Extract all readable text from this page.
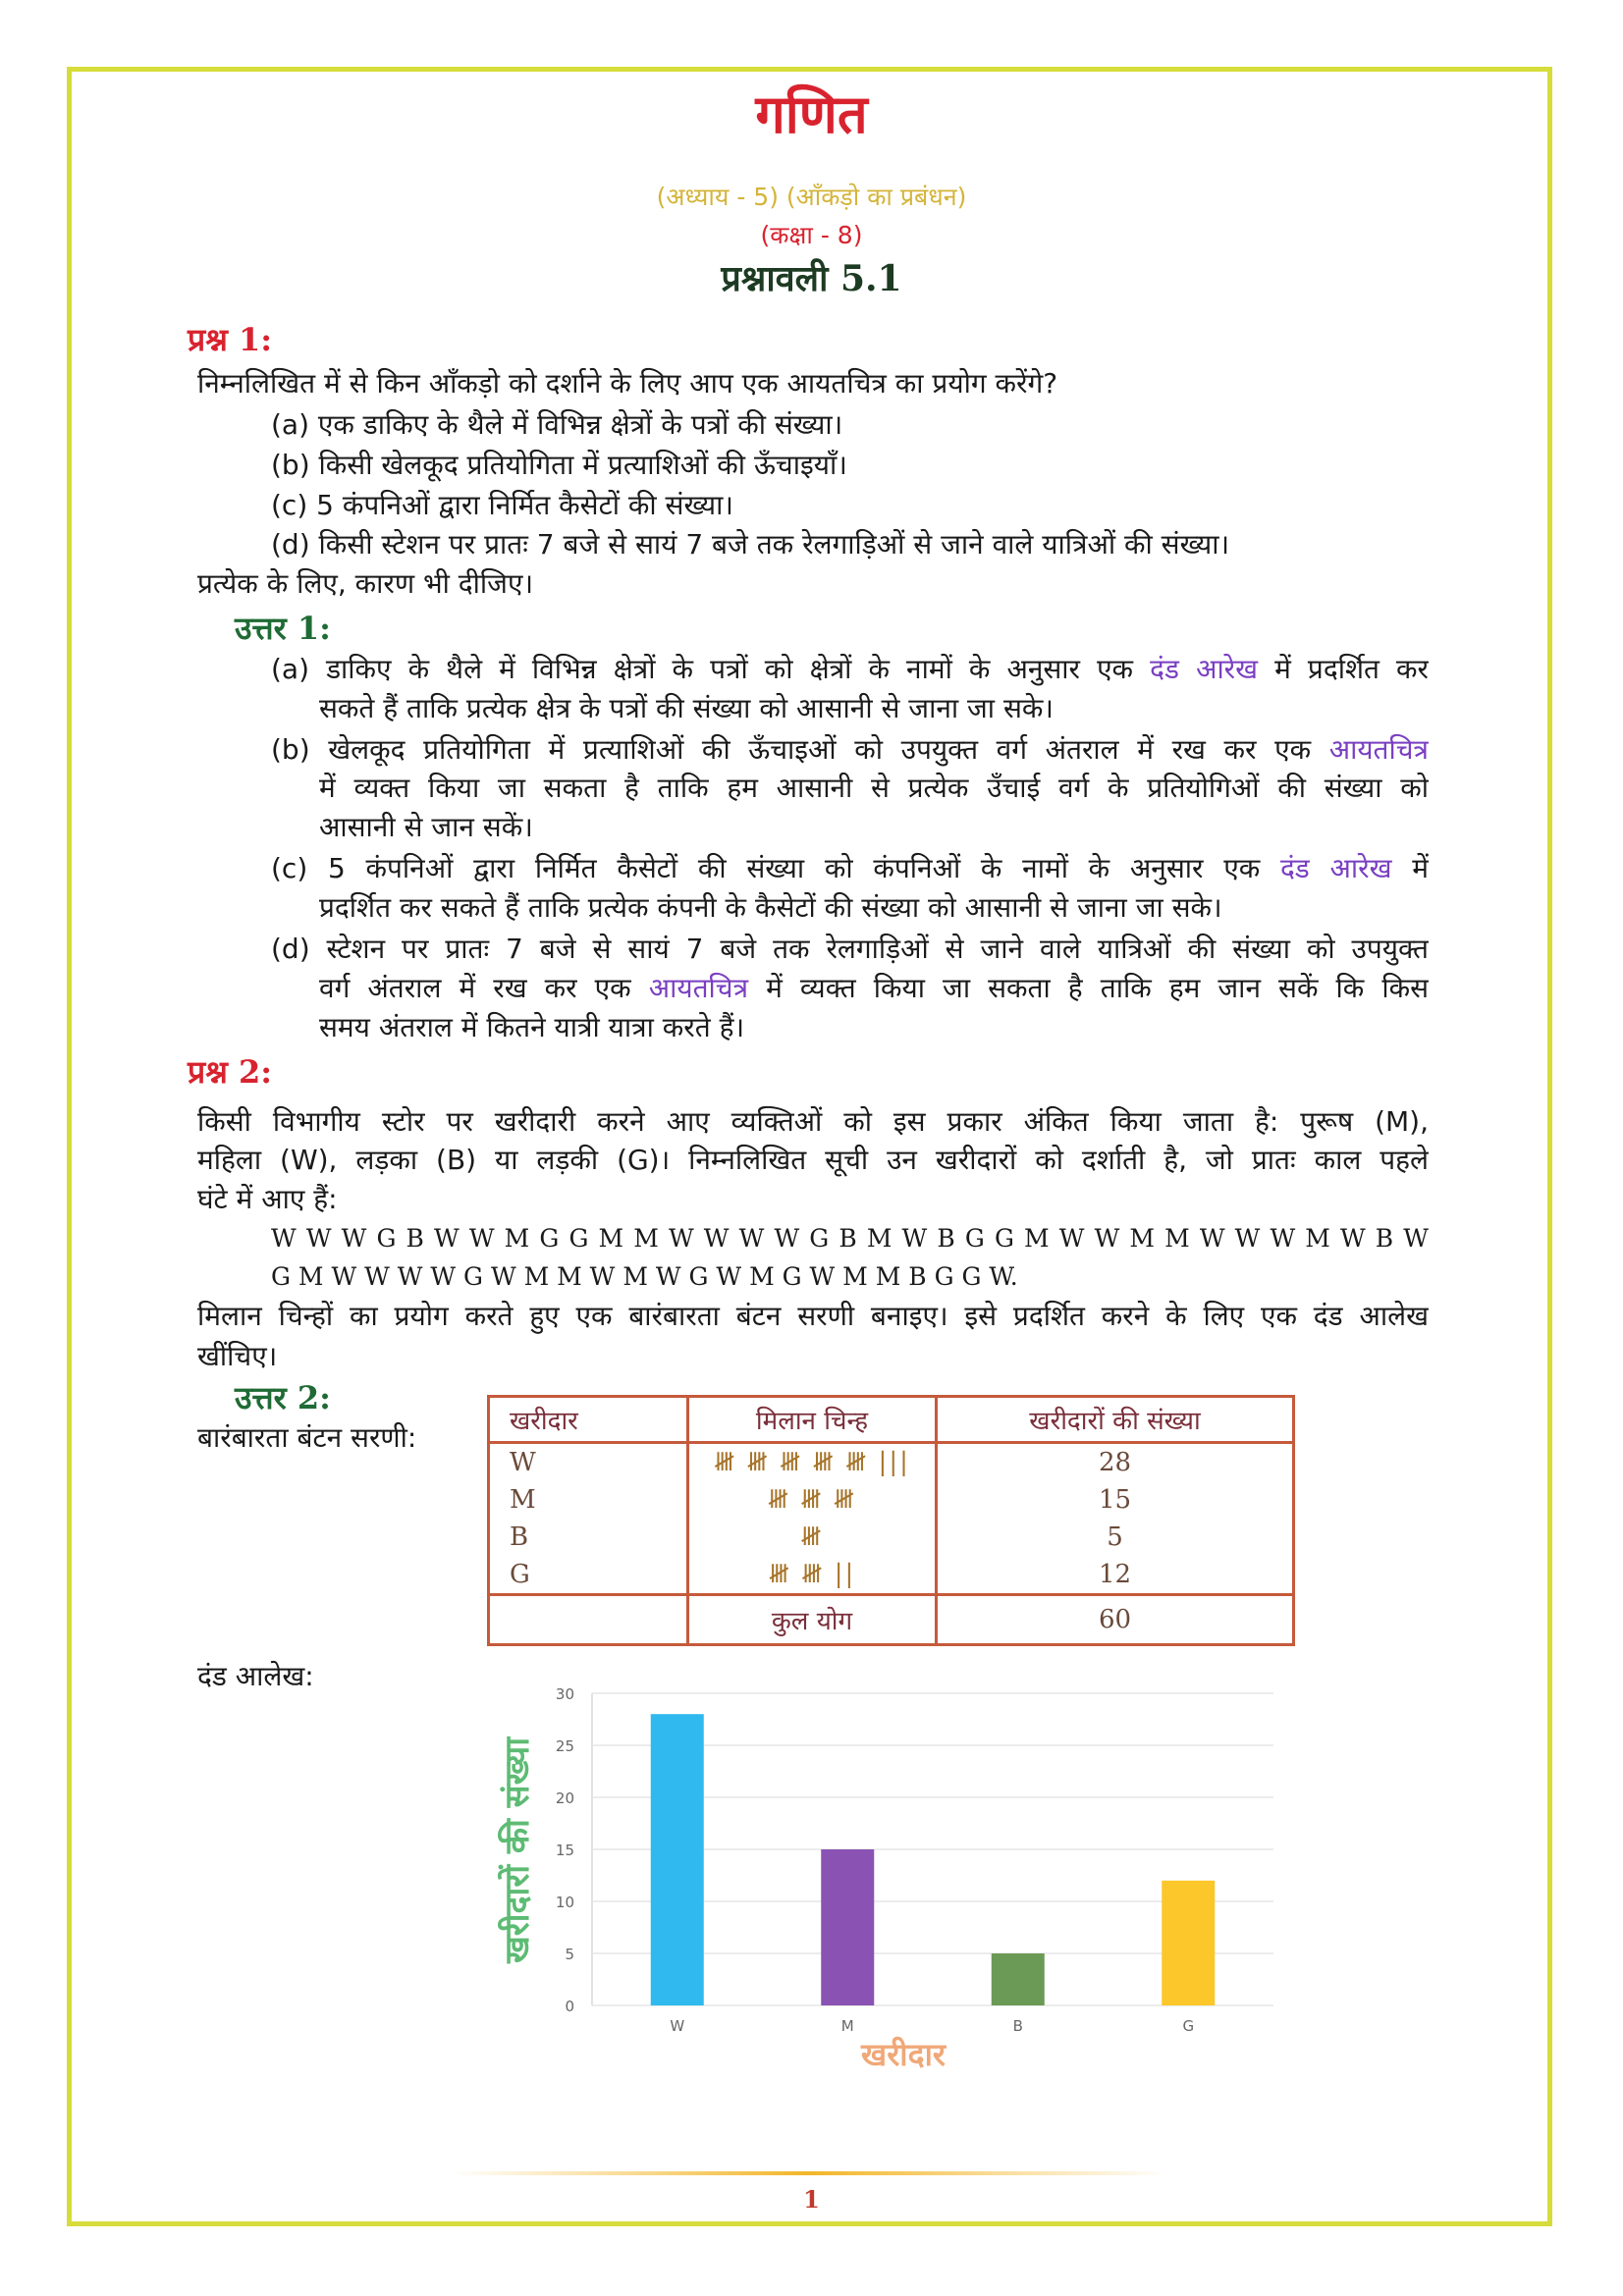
गणित
(अध्याय - 5) (आँकड़ो का प्रबंधन)
(कक्षा - 8)
प्रश्नावली 5.1
प्रश्न 1:
निम्नलिखित में से किन आँकड़ो को दर्शाने के लिए आप एक आयतचित्र का प्रयोग करेंगे?
(a) एक डाकिए के थैले में विभिन्न क्षेत्रों के पत्रों की संख्या।
(b) किसी खेलकूद प्रतियोगिता में प्रत्याशिओं की ऊँचाइयाँ।
(c) 5 कंपनिओं द्वारा निर्मित कैसेटों की संख्या।
(d) किसी स्टेशन पर प्रातः 7 बजे से सायं 7 बजे तक रेलगाड़िओं से जाने वाले यात्रिओं की संख्या।
प्रत्येक के लिए, कारण भी दीजिए।
उत्तर 1:
(a) डाकिए के थैले में विभिन्न क्षेत्रों के पत्रों को क्षेत्रों के नामों के अनुसार एक दंड आरेख में प्रदर्शित कर
सकते हैं ताकि प्रत्येक क्षेत्र के पत्रों की संख्या को आसानी से जाना जा सके।
(b) खेलकूद प्रतियोगिता में प्रत्याशिओं की ऊँचाइओं को उपयुक्त वर्ग अंतराल में रख कर एक आयतचित्र
में व्यक्त किया जा सकता है ताकि हम आसानी से प्रत्येक उँचाई वर्ग के प्रतियोगिओं की संख्या को
आसानी से जान सकें।
(c) 5 कंपनिओं द्वारा निर्मित कैसेटों की संख्या को कंपनिओं के नामों के अनुसार एक दंड आरेख में
प्रदर्शित कर सकते हैं ताकि प्रत्येक कंपनी के कैसेटों की संख्या को आसानी से जाना जा सके।
(d) स्टेशन पर प्रातः 7 बजे से सायं 7 बजे तक रेलगाड़िओं से जाने वाले यात्रिओं की संख्या को उपयुक्त
वर्ग अंतराल में रख कर एक आयतचित्र में व्यक्त किया जा सकता है ताकि हम जान सकें कि किस
समय अंतराल में कितने यात्री यात्रा करते हैं।
प्रश्न 2:
किसी विभागीय स्टोर पर खरीदारी करने आए व्यक्तिओं को इस प्रकार अंकित किया जाता है: पुरूष (M),
महिला (W), लड़का (B) या लड़की (G)। निम्नलिखित सूची उन खरीदारों को दर्शाती है, जो प्रातः काल पहले
घंटे में आए हैं:
W W W G B W W M G G M M W W W W G B M W B G G M W W M M W W W M W B W
G M W W W W G W M M W M W G W M G W M M B G G W.
मिलान चिन्हों का प्रयोग करते हुए एक बारंबारता बंटन सरणी बनाइए। इसे प्रदर्शित करने के लिए एक दंड आलेख
खींचिए।
उत्तर 2:
बारंबारता बंटन सरणी:	खरीदार	मिलान चिन्ह	खरीदारों की संख्या
W	𝍸 𝍸 𝍸 𝍸 𝍸 |||	28
M	𝍸 𝍸 𝍸	15
B	𝍸	5
G	𝍸 𝍸 ||	12
	कुल योग	60
दंड आलेख:
0
5
10
15
20
25
30
W	M	B	G
खरीदारों की संख्या
खरीदार
1
